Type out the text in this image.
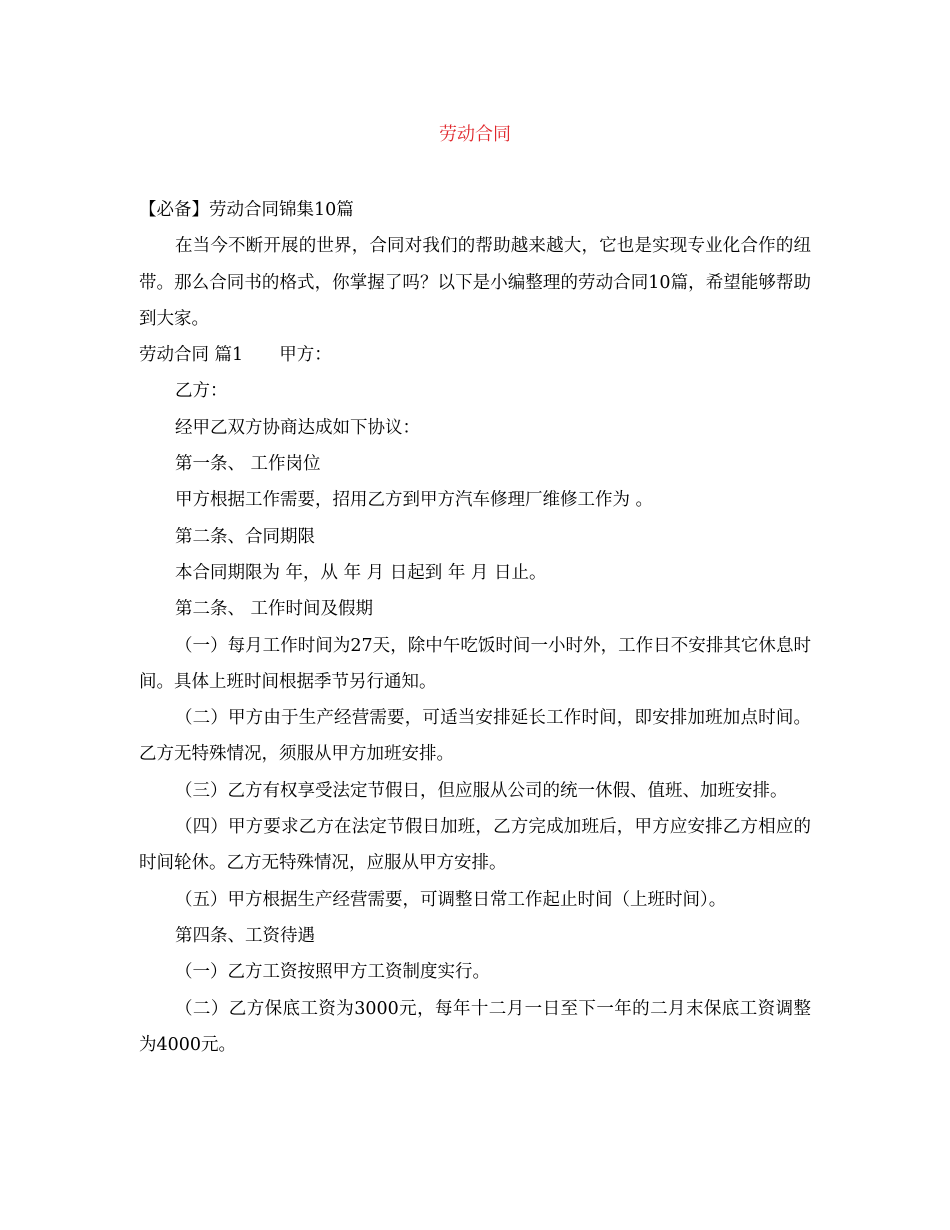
劳动合同

【必备】劳动合同锦集10篇

在当今不断开展的世界，合同对我们的帮助越来越大，它也是实现专业化合作的纽带。那么合同书的格式，你掌握了吗？以下是小编整理的劳动合同10篇，希望能够帮助到大家。

劳动合同 篇1 甲方：

乙方：

经甲乙双方协商达成如下协议：

第一条、 工作岗位

甲方根据工作需要，招用乙方到甲方汽车修理厂维修工作为 。

第二条、合同期限

本合同期限为 年，从 年 月 日起到 年 月 日止。

第二条、 工作时间及假期

（一）每月工作时间为27天，除中午吃饭时间一小时外，工作日不安排其它休息时间。具体上班时间根据季节另行通知。

（二）甲方由于生产经营需要，可适当安排延长工作时间，即安排加班加点时间。乙方无特殊情况，须服从甲方加班安排。

（三）乙方有权享受法定节假日，但应服从公司的统一休假、值班、加班安排。

（四）甲方要求乙方在法定节假日加班，乙方完成加班后，甲方应安排乙方相应的时间轮休。乙方无特殊情况，应服从甲方安排。

（五）甲方根据生产经营需要，可调整日常工作起止时间（上班时间）。

第四条、工资待遇

（一）乙方工资按照甲方工资制度实行。

（二）乙方保底工资为3000元，每年十二月一日至下一年的二月末保底工资调整为4000元。
